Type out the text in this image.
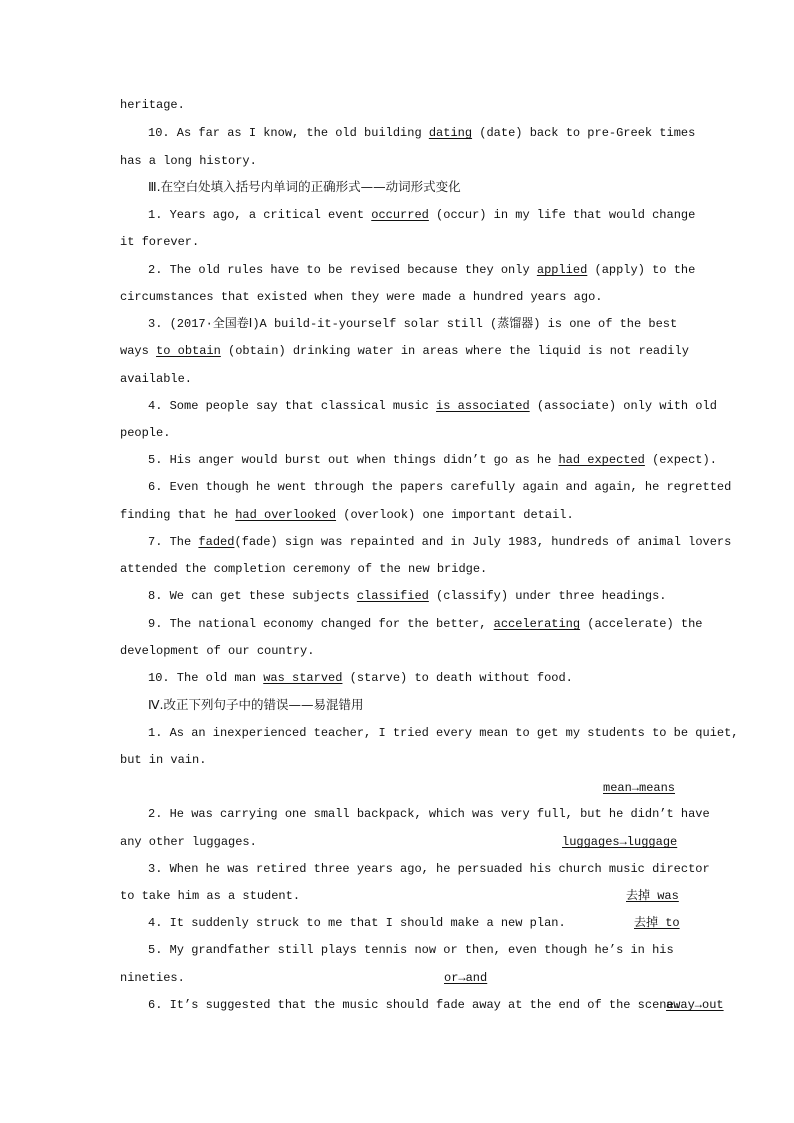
heritage.
10. As far as I know, the old building dating (date) back to pre-Greek times
has a long history.
Ⅲ.在空白处填入括号内单词的正确形式——动词形式变化
1. Years ago, a critical event occurred (occur) in my life that would change
it forever.
2. The old rules have to be revised because they only applied (apply) to the
circumstances that existed when they were made a hundred years ago.
3. (2017·全国卷Ⅰ)A build-it-yourself solar still (蒸馏器) is one of the best
ways to obtain (obtain) drinking water in areas where the liquid is not readily
available.
4. Some people say that classical music is associated (associate) only with old
people.
5. His anger would burst out when things didn’t go as he had expected (expect).
6. Even though he went through the papers carefully again and again, he regretted
finding that he had overlooked (overlook) one important detail.
7. The faded(fade) sign was repainted and in July 1983, hundreds of animal lovers
attended the completion ceremony of the new bridge.
8. We can get these subjects classified (classify) under three headings.
9. The national economy changed for the better, accelerating (accelerate) the
development of our country.
10. The old man was starved (starve) to death without food.
Ⅳ.改正下列句子中的错误——易混错用
1. As an inexperienced teacher, I tried every mean to get my students to be quiet,
but in vain.
mean→means
2. He was carrying one small backpack, which was very full, but he didn’t have
any other luggages.	luggages→luggage
3. When he was retired three years ago, he persuaded his church music director
to take him as a student.	去掉 was
4. It suddenly struck to me that I should make a new plan.	去掉 to
5. My grandfather still plays tennis now or then, even though he’s in his
nineties.	or→and
6. It’s suggested that the music should fade away at the end of the scene.
away→out
